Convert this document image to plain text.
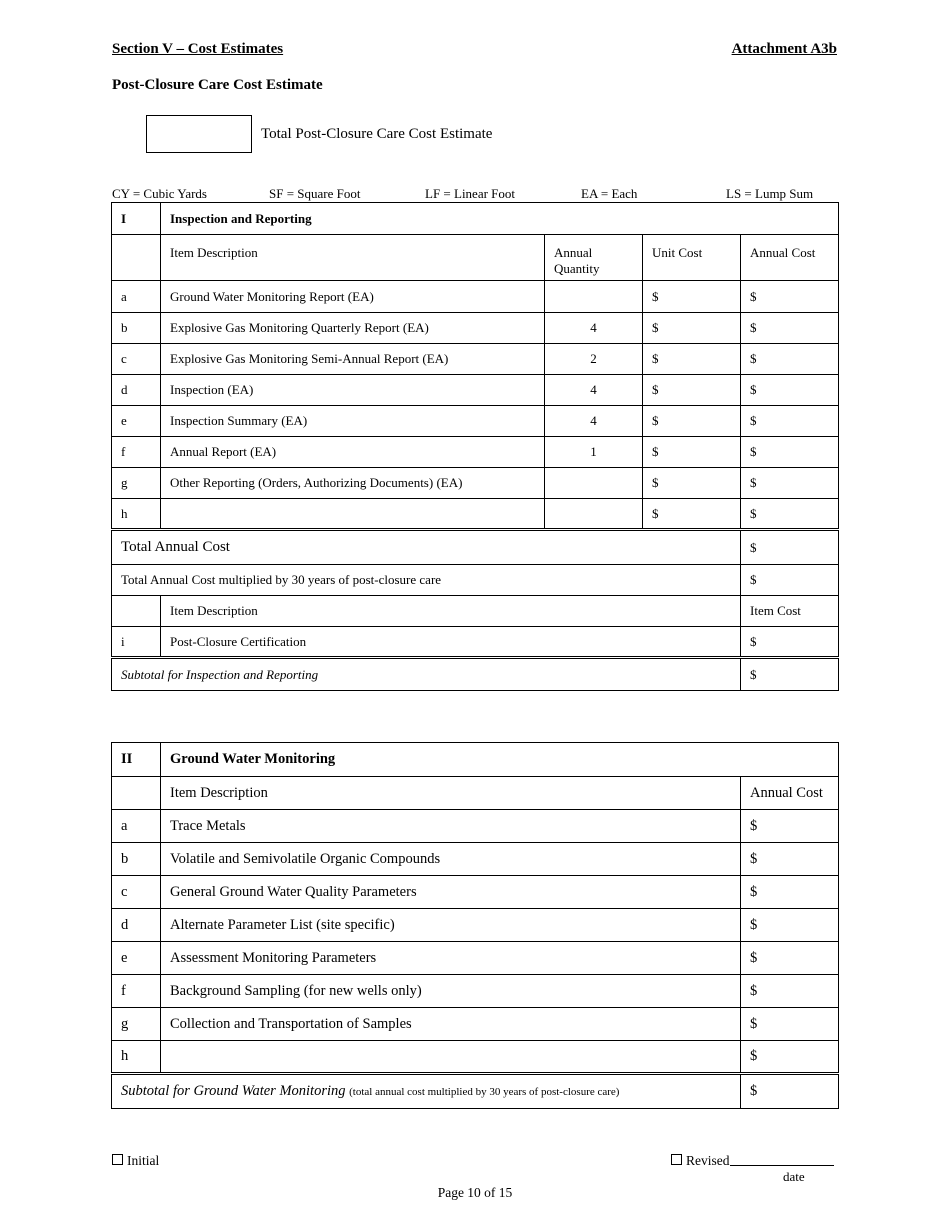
Section V – Cost Estimates	Attachment A3b
Post-Closure Care Cost Estimate
Total Post-Closure Care Cost Estimate
CY = Cubic Yards	SF = Square Foot	LF = Linear Foot	EA = Each	LS = Lump Sum
I	Inspection and Reporting			
	Item Description	Annual Quantity	Unit Cost	Annual Cost
a	Ground Water Monitoring Report (EA)		$	$
b	Explosive Gas Monitoring Quarterly Report (EA)	4	$	$
c	Explosive Gas Monitoring Semi-Annual Report (EA)	2	$	$
d	Inspection (EA)	4	$	$
e	Inspection Summary (EA)	4	$	$
f	Annual Report (EA)	1	$	$
g	Other Reporting (Orders, Authorizing Documents) (EA)		$	$
h			$	$
Total Annual Cost				$
Total Annual Cost multiplied by 30 years of post-closure care				$
	Item Description			Item Cost
i	Post-Closure Certification			$
Subtotal for Inspection and Reporting				$
II	Ground Water Monitoring	
	Item Description	Annual Cost
a	Trace Metals	$
b	Volatile and Semivolatile Organic Compounds	$
c	General Ground Water Quality Parameters	$
d	Alternate Parameter List (site specific)	$
e	Assessment Monitoring Parameters	$
f	Background Sampling (for new wells only)	$
g	Collection and Transportation of Samples	$
h		$
Subtotal for Ground Water Monitoring (total annual cost multiplied by 30 years of post-closure care)		$
Initial	Revised
date
Page 10 of 15
